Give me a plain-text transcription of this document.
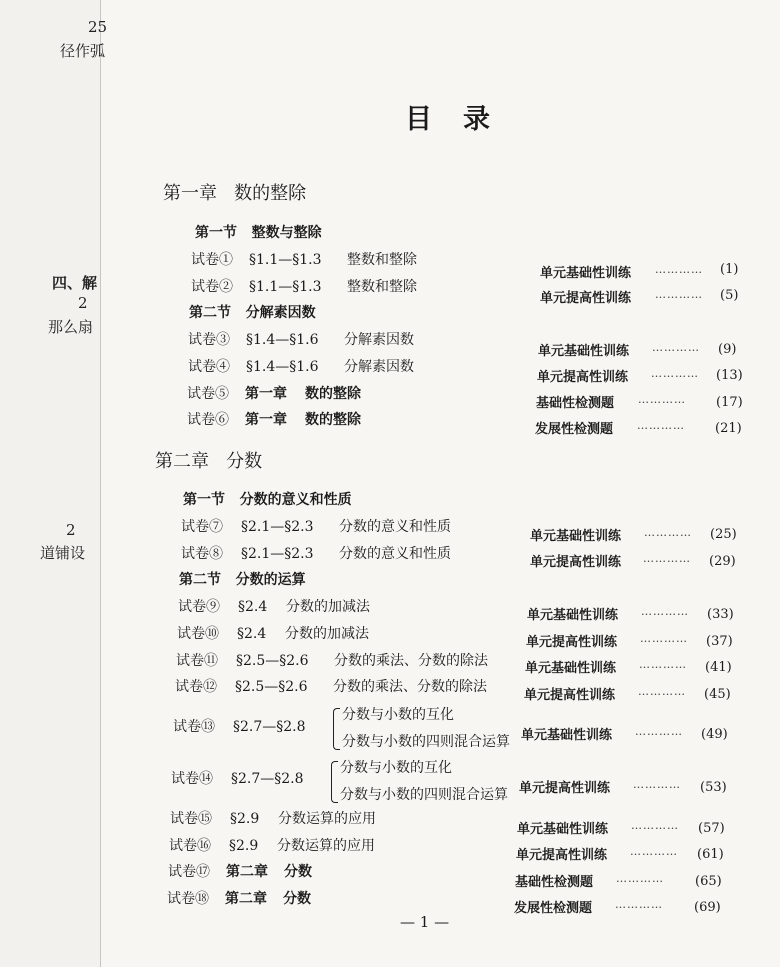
25
径作弧
四、解
2
那么扇
2
道铺设
目　录
第一章 数的整除
第二章 分数
第一节 整数与整除
第二节 分解素因数
第一节 分数的意义和性质
第二节 分数的运算
试卷① §1.1—§1.3 整数和整除
试卷② §1.1—§1.3 整数和整除
试卷③ §1.4—§1.6 分解素因数
试卷④ §1.4—§1.6 分解素因数
试卷⑤ 第一章 数的整除
试卷⑥ 第一章 数的整除
试卷⑦ §2.1—§2.3 分数的意义和性质
试卷⑧ §2.1—§2.3 分数的意义和性质
试卷⑨ §2.4 分数的加减法
试卷⑩ §2.4 分数的加减法
试卷⑪ §2.5—§2.6 分数的乘法、分数的除法
试卷⑫ §2.5—§2.6 分数的乘法、分数的除法
试卷⑬ §2.7—§2.8
分数与小数的互化
分数与小数的四则混合运算
试卷⑭ §2.7—§2.8
分数与小数的互化
分数与小数的四则混合运算
试卷⑮ §2.9 分数运算的应用
试卷⑯ §2.9 分数运算的应用
试卷⑰ 第二章 分数
试卷⑱ 第二章 分数
单元基础性训练 ………… (1)
单元提高性训练 ………… (5)
单元基础性训练 ………… (9)
单元提高性训练 ………… (13)
基础性检测题 ………… (17)
发展性检测题 ………… (21)
单元基础性训练 ………… (25)
单元提高性训练 ………… (29)
单元基础性训练 ………… (33)
单元提高性训练 ………… (37)
单元基础性训练 ………… (41)
单元提高性训练 ………… (45)
单元基础性训练 ………… (49)
单元提高性训练 ………… (53)
单元基础性训练 ………… (57)
单元提高性训练 ………… (61)
基础性检测题 ………… (65)
发展性检测题 ………… (69)
— 1 —
